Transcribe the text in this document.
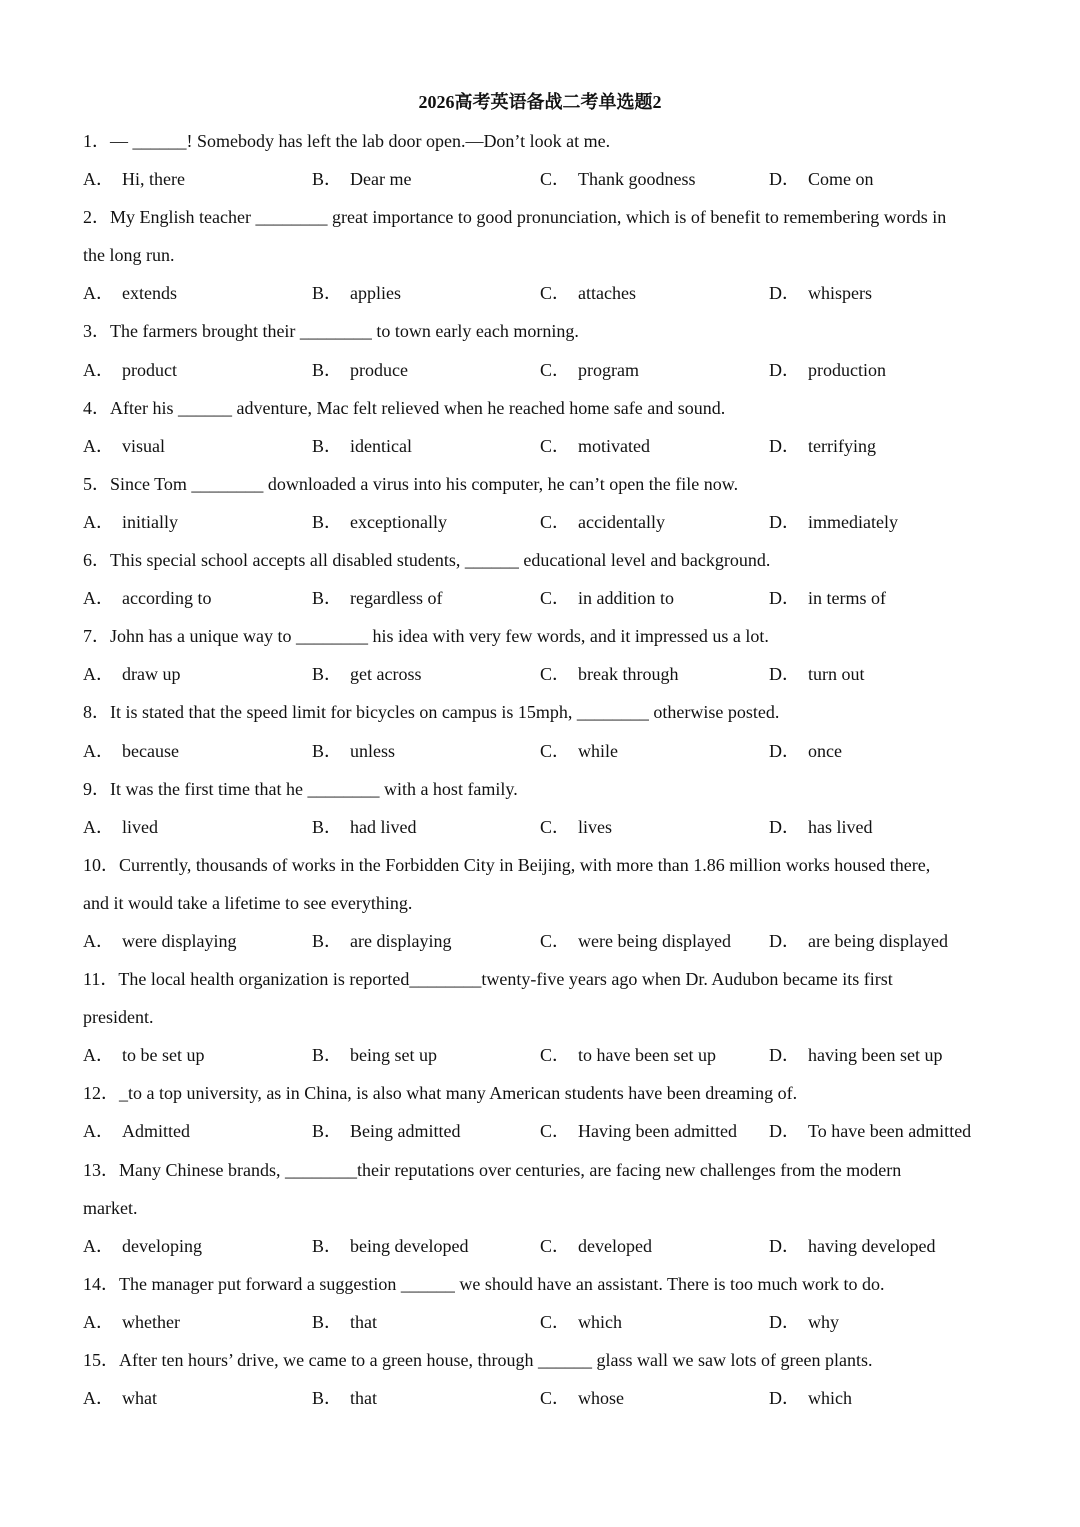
2026高考英语备战二考单选题2
1．— ______! Somebody has left the lab door open.—Don’t look at me.
A． Hi, there	B． Dear me	C． Thank goodness	D． Come on
2．My English teacher ________ great importance to good pronunciation, which is of benefit to remembering words in
the long run.
A． extends	B． applies	C． attaches	D． whispers
3．The farmers brought their ________ to town early each morning.
A． product	B． produce	C． program	D． production
4．After his ______ adventure, Mac felt relieved when he reached home safe and sound.
A． visual	B． identical	C． motivated	D． terrifying
5．Since Tom ________ downloaded a virus into his computer, he can’t open the file now.
A． initially	B． exceptionally	C． accidentally	D． immediately
6．This special school accepts all disabled students, ______ educational level and background.
A． according to	B． regardless of	C． in addition to	D． in terms of
7．John has a unique way to ________ his idea with very few words, and it impressed us a lot.
A． draw up	B． get across	C． break through	D． turn out
8．It is stated that the speed limit for bicycles on campus is 15mph, ________ otherwise posted.
A． because	B． unless	C． while	D． once
9．It was the first time that he ________ with a host family.
A． lived	B． had lived	C． lives	D． has lived
10．Currently, thousands of works in the Forbidden City in Beijing, with more than 1.86 million works housed there,
and it would take a lifetime to see everything.
A． were displaying	B． are displaying	C． were being displayed D． are being displayed
11．The local health organization is reported________twenty-five years ago when Dr. Audubon became its first
president.
A． to be set up	B． being set up	C． to have been set up	D． having been set up
12．_to a top university, as in China, is also what many American students have been dreaming of.
A． Admitted	B． Being admitted	C． Having been admitted D． To have been admitted
13．Many Chinese brands, ________their reputations over centuries, are facing new challenges from the modern
market.
A． developing	B． being developed	C． developed	D． having developed
14．The manager put forward a suggestion ______ we should have an assistant. There is too much work to do.
A． whether	B． that	C． which	D． why
15．After ten hours’ drive, we came to a green house, through ______ glass wall we saw lots of green plants.
A． what	B． that	C． whose	D． which
